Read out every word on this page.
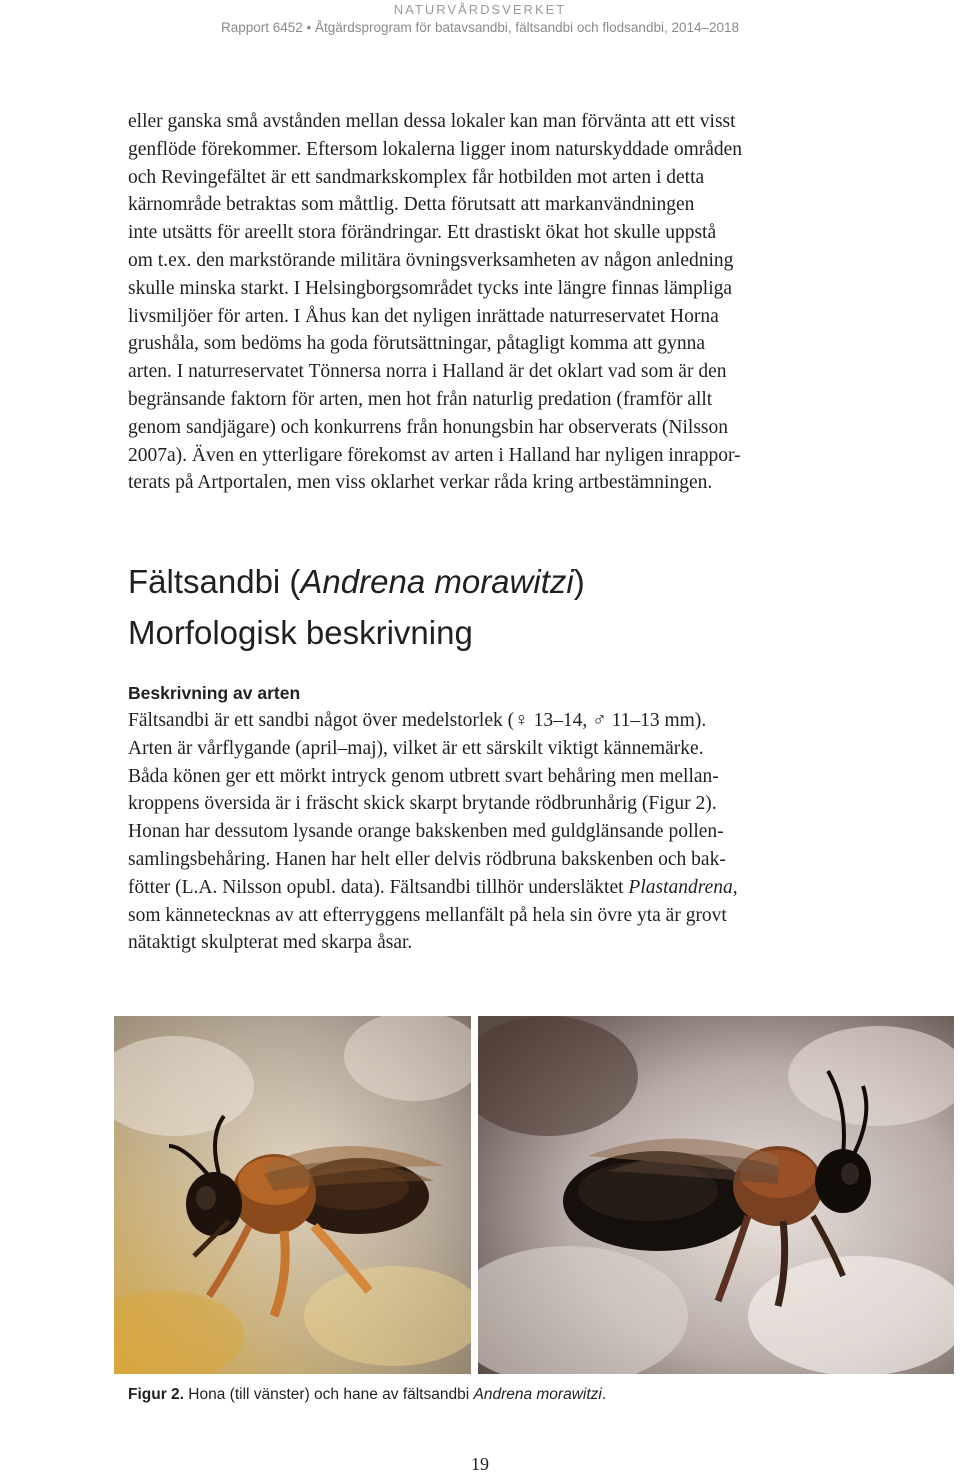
NATURVÅRDSVERKET
Rapport 6452 • Åtgärdsprogram för batavsandbi, fältsandbi och flodsandbi, 2014–2018
eller ganska små avstånden mellan dessa lokaler kan man förvänta att ett visst
genflöde förekommer. Eftersom lokalerna ligger inom naturskyddade områden
och Revingefältet är ett sandmarkskomplex får hotbilden mot arten i detta
kärnområde betraktas som måttlig. Detta förutsatt att markanvändningen
inte utsätts för areellt stora förändringar. Ett drastiskt ökat hot skulle uppstå
om t.ex. den markstörande militära övningsverksamheten av någon anledning
skulle minska starkt. I Helsingborgsområdet tycks inte längre finnas lämpliga
livsmiljöer för arten. I Åhus kan det nyligen inrättade naturreservatet Horna
grushåla, som bedöms ha goda förutsättningar, påtagligt komma att gynna
arten. I naturreservatet Tönnersa norra i Halland är det oklart vad som är den
begränsande faktorn för arten, men hot från naturlig predation (framför allt
genom sandjägare) och konkurrens från honungsbin har observerats (Nilsson
2007a). Även en ytterligare förekomst av arten i Halland har nyligen inrappor-
terats på Artportalen, men viss oklarhet verkar råda kring artbestämningen.
Fältsandbi (Andrena morawitzi)
Morfologisk beskrivning
Beskrivning av arten
Fältsandbi är ett sandbi något över medelstorlek (♀ 13–14, ♂ 11–13 mm).
Arten är vårflygande (april–maj), vilket är ett särskilt viktigt kännemärke.
Båda könen ger ett mörkt intryck genom utbrett svart behåring men mellan-
kroppens översida är i fräscht skick skarpt brytande rödbrunhårig (Figur 2).
Honan har dessutom lysande orange bakskenben med guldglänsande pollen-
samlingsbehåring. Hanen har helt eller delvis rödbruna bakskenben och bak-
fötter (L.A. Nilsson opubl. data). Fältsandbi tillhör undersläktet Plastandrena,
som kännetecknas av att efterryggens mellanfält på hela sin övre yta är grovt
nätaktigt skulpterat med skarpa åsar.
Figur 2. Hona (till vänster) och hane av fältsandbi Andrena morawitzi.
19
